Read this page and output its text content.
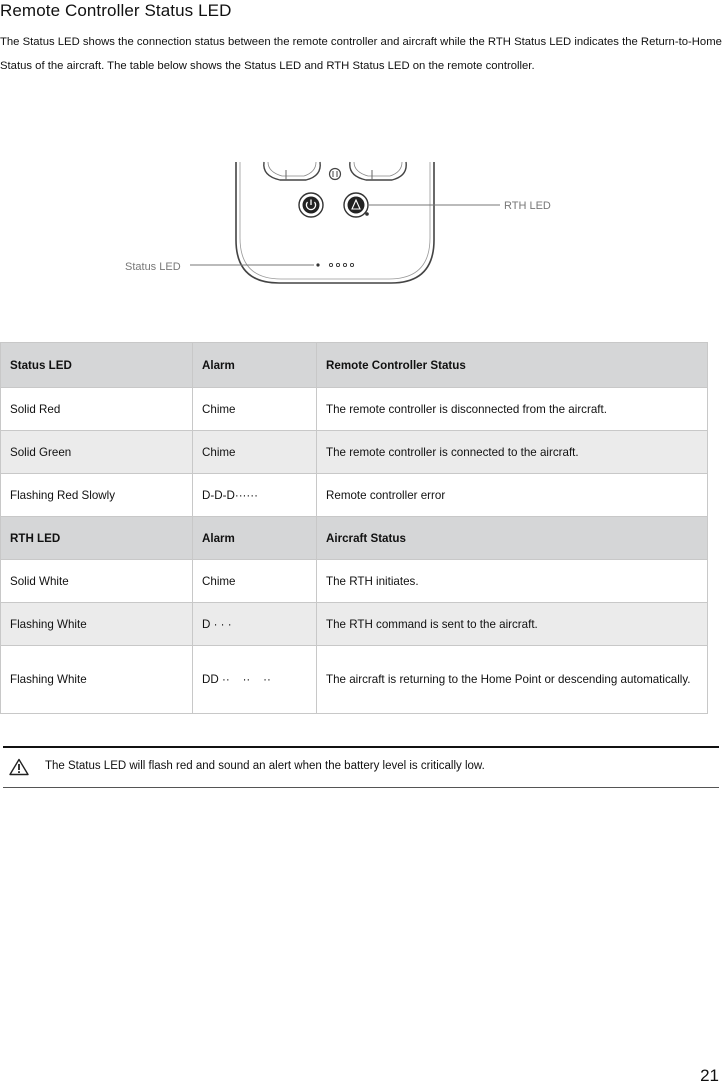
Remote Controller Status LED
The Status LED shows the connection status between the remote controller and aircraft while the RTH Status LED indicates the Return-to-Home Status of the aircraft. The table below shows the Status LED and RTH Status LED on the remote controller.
RTH LED
Status LED
Status LED	Alarm	Remote Controller Status
Solid Red	Chime	The remote controller is disconnected from the aircraft.
Solid Green	Chime	The remote controller is connected to the aircraft.
Flashing Red Slowly	D-D-D······	Remote controller error
RTH LED	Alarm	Aircraft Status
Solid White	Chime	The RTH initiates.
Flashing White	D · · ·	The RTH command is sent to the aircraft.
Flashing White	DD ··    ··    ··	The aircraft is returning to the Home Point or descending automatically.
The Status LED will flash red and sound an alert when the battery level is critically low.
21
